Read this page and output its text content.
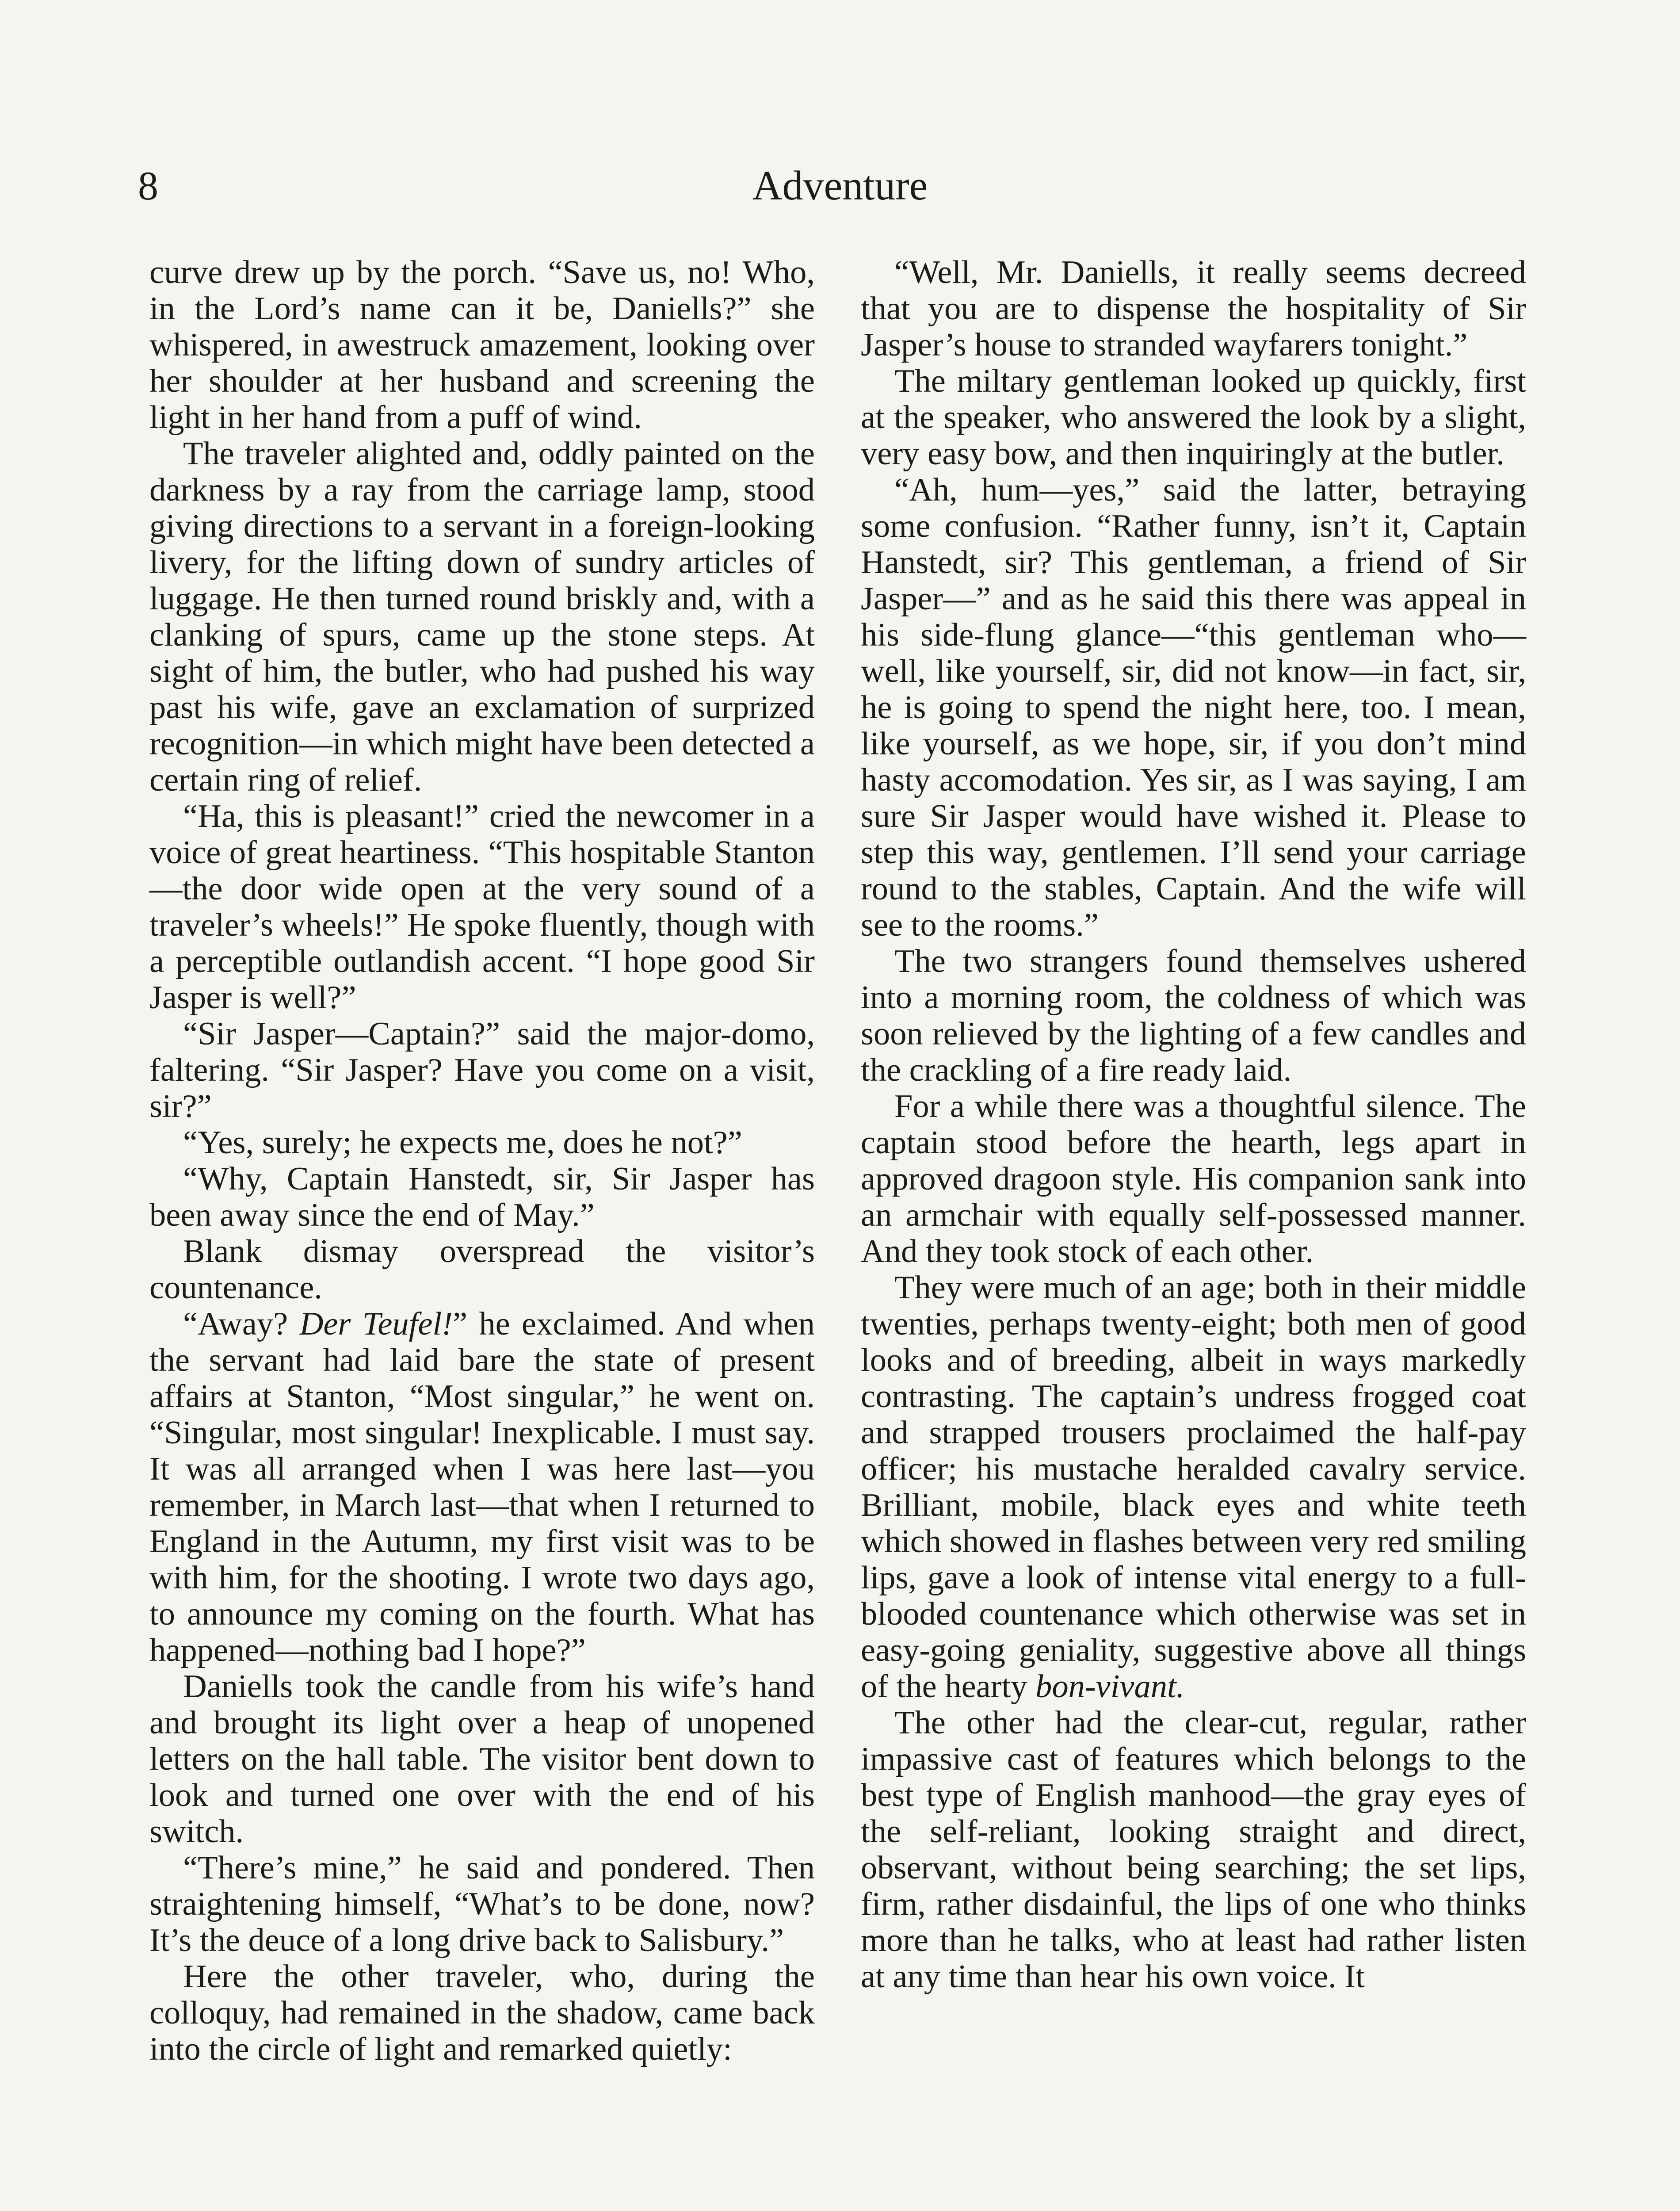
8	Adventure

curve drew up by the porch. “Save us, no! Who, in the Lord’s name can it be, Daniells?” she whispered, in awestruck amazement, looking over her shoulder at her husband and screening the light in her hand from a puff of wind.

The traveler alighted and, oddly painted on the darkness by a ray from the carriage lamp, stood giving directions to a servant in a foreign-looking livery, for the lifting down of sundry articles of luggage. He then turned round briskly and, with a clanking of spurs, came up the stone steps. At sight of him, the butler, who had pushed his way past his wife, gave an exclamation of surprized recognition—in which might have been detected a certain ring of relief.

“Ha, this is pleasant!” cried the newcomer in a voice of great heartiness. “This hospitable Stanton—the door wide open at the very sound of a traveler’s wheels!” He spoke fluently, though with a perceptible outlandish accent. “I hope good Sir Jasper is well?”

“Sir Jasper—Captain?” said the major-domo, faltering. “Sir Jasper? Have you come on a visit, sir?”

“Yes, surely; he expects me, does he not?”

“Why, Captain Hanstedt, sir, Sir Jasper has been away since the end of May.”

Blank dismay overspread the visitor’s countenance.

“Away? Der Teufel!” he exclaimed. And when the servant had laid bare the state of present affairs at Stanton, “Most singular,” he went on. “Singular, most singular! Inexplicable. I must say. It was all arranged when I was here last—you remember, in March last—that when I returned to England in the Autumn, my first visit was to be with him, for the shooting. I wrote two days ago, to announce my coming on the fourth. What has happened—nothing bad I hope?”

Daniells took the candle from his wife’s hand and brought its light over a heap of unopened letters on the hall table. The visitor bent down to look and turned one over with the end of his switch.

“There’s mine,” he said and pondered. Then straightening himself, “What’s to be done, now? It’s the deuce of a long drive back to Salisbury.”

Here the other traveler, who, during the colloquy, had remained in the shadow, came back into the circle of light and remarked quietly:

“Well, Mr. Daniells, it really seems decreed that you are to dispense the hospitality of Sir Jasper’s house to stranded wayfarers tonight.”

The miltary gentleman looked up quickly, first at the speaker, who answered the look by a slight, very easy bow, and then inquiringly at the butler.

“Ah, hum—yes,” said the latter, betraying some confusion. “Rather funny, isn’t it, Captain Hanstedt, sir? This gentleman, a friend of Sir Jasper—” and as he said this there was appeal in his side-flung glance—“this gentleman who—well, like yourself, sir, did not know—in fact, sir, he is going to spend the night here, too. I mean, like yourself, as we hope, sir, if you don’t mind hasty accomodation. Yes sir, as I was saying, I am sure Sir Jasper would have wished it. Please to step this way, gentlemen. I’ll send your carriage round to the stables, Captain. And the wife will see to the rooms.”

The two strangers found themselves ushered into a morning room, the coldness of which was soon relieved by the lighting of a few candles and the crackling of a fire ready laid.

For a while there was a thoughtful silence. The captain stood before the hearth, legs apart in approved dragoon style. His companion sank into an armchair with equally self-possessed manner. And they took stock of each other.

They were much of an age; both in their middle twenties, perhaps twenty-eight; both men of good looks and of breeding, albeit in ways markedly contrasting. The captain’s undress frogged coat and strapped trousers proclaimed the half-pay officer; his mustache heralded cavalry service. Brilliant, mobile, black eyes and white teeth which showed in flashes between very red smiling lips, gave a look of intense vital energy to a full-blooded countenance which otherwise was set in easy-going geniality, suggestive above all things of the hearty bon-vivant.

The other had the clear-cut, regular, rather impassive cast of features which belongs to the best type of English manhood—the gray eyes of the self-reliant, looking straight and direct, observant, without being searching; the set lips, firm, rather disdainful, the lips of one who thinks more than he talks, who at least had rather listen at any time than hear his own voice. It
